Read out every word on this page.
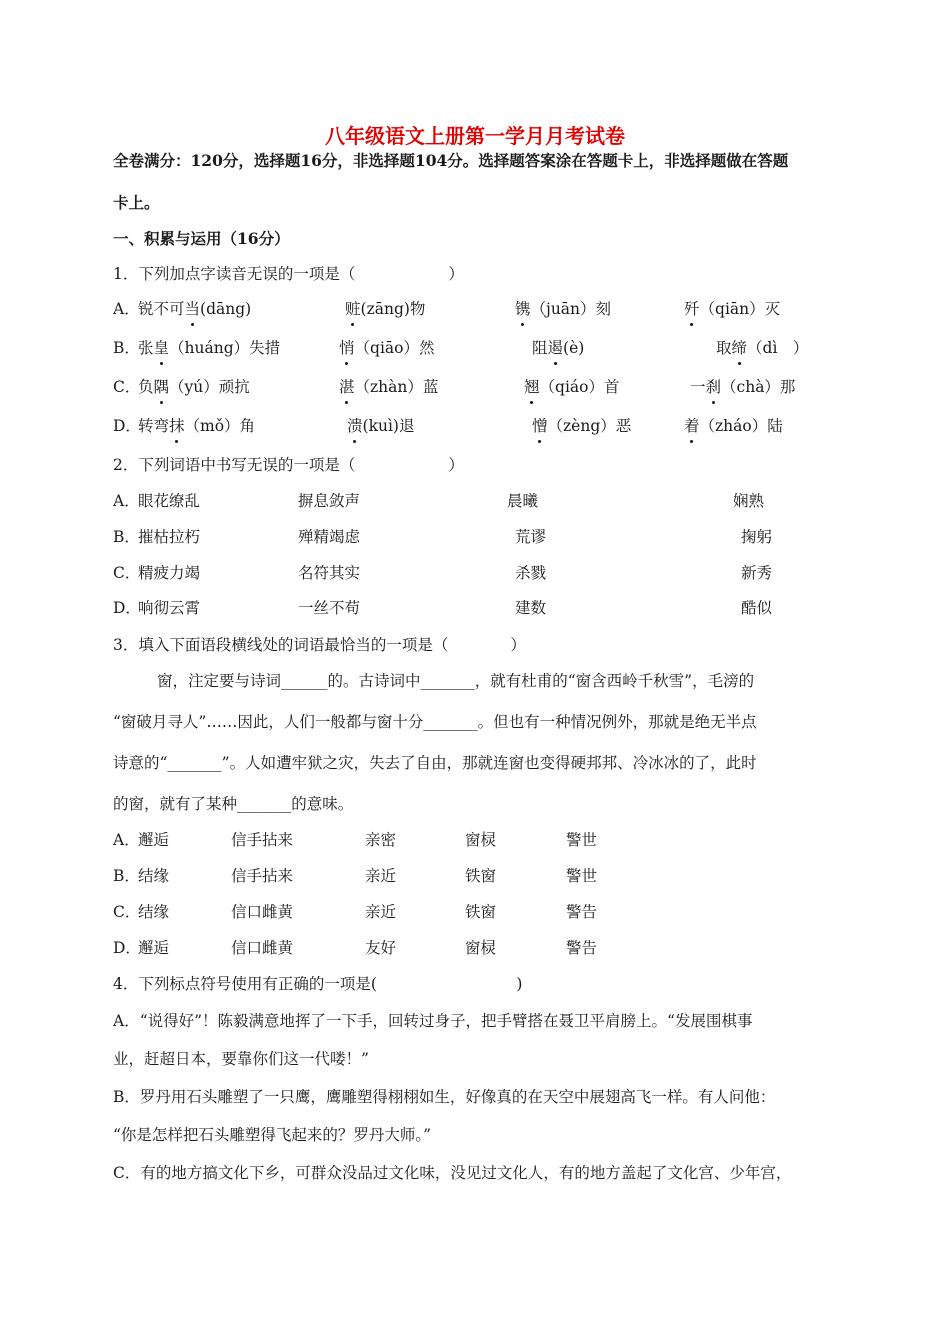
八年级语文上册第一学月月考试卷
全卷满分：120分，选择题16分，非选择题104分。选择题答案涂在答题卡上，非选择题做在答题
卡上。
一、积累与运用（16分）
1．下列加点字读音无误的一项是（　　　　　　）
A．
锐不可当(dāng)	赃(zāng)物	镌（juān）刻	歼（qiān）灭
B．
张皇（huáng）失措	悄（qiāo）然	阻遏(è)	取缔（dì　）
C．
负隅（yú）顽抗	湛（zhàn）蓝	翘（qiáo）首	一刹（chà）那
D．
转弯抹（mǒ）角	溃(kuì)退	憎（zèng）恶	着（zháo）陆
2．下列词语中书写无误的一项是（　　　　　　）
A．
眼花缭乱	摒息敛声	晨曦	娴熟
B．
摧枯拉朽	殚精竭虑	荒谬	掬躬
C．
精疲力竭	名符其实	杀戮	新秀
D．
响彻云霄	一丝不苟	建数	酷似
3．填入下面语段横线处的词语最恰当的一项是（　　　　）
窗，注定要与诗词______的。古诗词中_______，就有杜甫的“窗含西岭千秋雪”，毛滂的
“窗破月寻人”……因此，人们一般都与窗十分_______。但也有一种情况例外，那就是绝无半点
诗意的“_______”。人如遭牢狱之灾，失去了自由，那就连窗也变得硬邦邦、冷冰冰的了，此时
的窗，就有了某种_______的意味。
A．
邂逅	信手拈来	亲密	窗棂	警世
B．
结缘	信手拈来	亲近	铁窗	警世
C．
结缘	信口雌黄	亲近	铁窗	警告
D．
邂逅	信口雌黄	友好	窗棂	警告
4．下列标点符号使用有正确的一项是(　　　　　　　　　)
A．“说得好”！陈毅满意地挥了一下手，回转过身子，把手臂搭在聂卫平肩膀上。“发展围棋事
业，赶超日本，要靠你们这一代喽！”
B．罗丹用石头雕塑了一只鹰，鹰雕塑得栩栩如生，好像真的在天空中展翅高飞一样。有人问他：
“你是怎样把石头雕塑得飞起来的？罗丹大师。”
C．有的地方搞文化下乡，可群众没品过文化味，没见过文化人，有的地方盖起了文化宫、少年宫，
